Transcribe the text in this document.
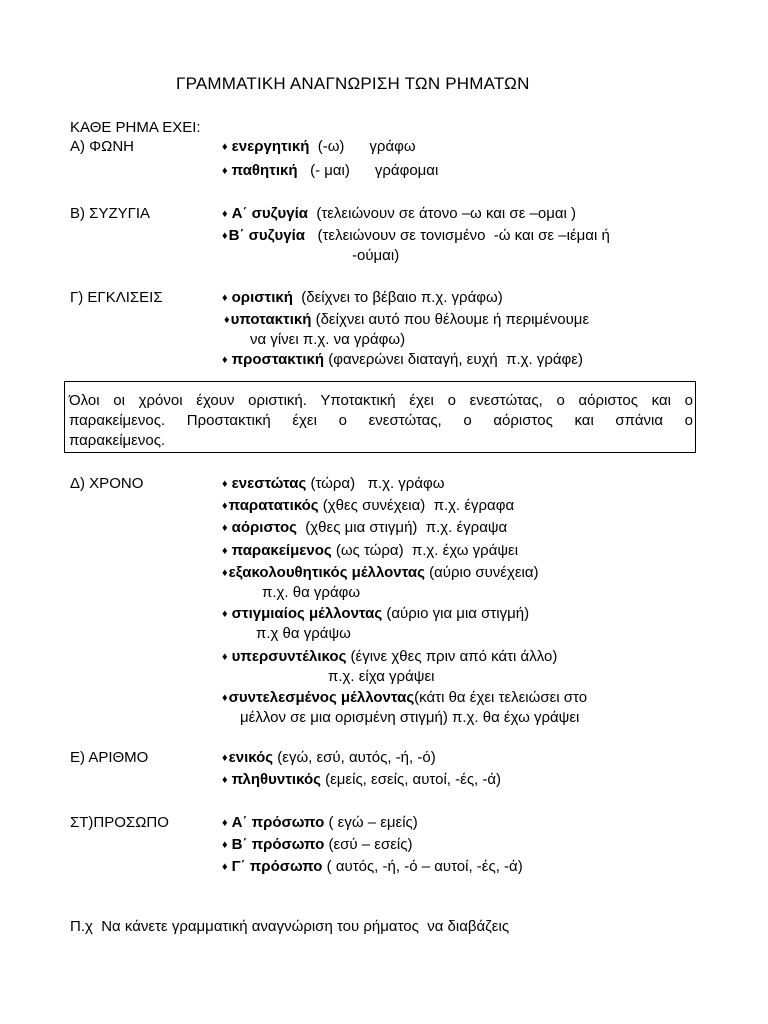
ΓΡΑΜΜΑΤΙΚΗ ΑΝΑΓΝΩΡΙΣΗ ΤΩΝ ΡΗΜΑΤΩΝ
ΚΑΘΕ ΡΗΜΑ ΕΧΕΙ:
Α) ΦΩΝΗ	♦ ενεργητική  (-ω)      γράφω
♦ παθητική   (- μαι)      γράφομαι
Β) ΣΥΖΥΓΙΑ	♦ Α΄ συζυγία  (τελειώνουν σε άτονο –ω και σε –ομαι )
♦Β΄ συζυγία   (τελειώνουν σε τονισμένο  -ώ και σε –ιέμαι ή
-ούμαι)
Γ) ΕΓΚΛΙΣΕΙΣ	♦ οριστική  (δείχνει το βέβαιο π.χ. γράφω)
♦υποτακτική (δείχνει αυτό που θέλουμε ή περιμένουμε
να γίνει π.χ. να γράφω)
♦ προστακτική (φανερώνει διαταγή, ευχή  π.χ. γράφε)
Όλοι οι χρόνοι έχουν οριστική. Υποτακτική έχει ο ενεστώτας, ο αόριστος και ο
παρακείμενος. Προστακτική έχει ο ενεστώτας, ο αόριστος και σπάνια ο
παρακείμενος.
Δ) ΧΡΟΝΟ	♦ ενεστώτας (τώρα)   π.χ. γράφω
♦παρατατικός (χθες συνέχεια)  π.χ. έγραφα
♦ αόριστος  (χθες μια στιγμή)  π.χ. έγραψα
♦ παρακείμενος (ως τώρα)  π.χ. έχω γράψει
♦εξακολουθητικός μέλλοντας (αύριο συνέχεια)
π.χ. θα γράφω
♦ στιγμιαίος μέλλοντας (αύριο για μια στιγμή)
π.χ θα γράψω
♦ υπερσυντέλικος (έγινε χθες πριν από κάτι άλλο)
π.χ. είχα γράψει
♦συντελεσμένος μέλλοντας(κάτι θα έχει τελειώσει στο
μέλλον σε μια ορισμένη στιγμή) π.χ. θα έχω γράψει
Ε) ΑΡΙΘΜΟ	♦ενικός (εγώ, εσύ, αυτός, -ή, -ό)
♦ πληθυντικός (εμείς, εσείς, αυτοί, -ές, -ά)
ΣΤ)ΠΡΟΣΩΠΟ	♦ Α΄ πρόσωπο ( εγώ – εμείς)
♦ Β΄ πρόσωπο (εσύ – εσείς)
♦ Γ΄ πρόσωπο ( αυτός, -ή, -ό – αυτοί, -ές, -ά)
Π.χ  Να κάνετε γραμματική αναγνώριση του ρήματος  να διαβάζεις
